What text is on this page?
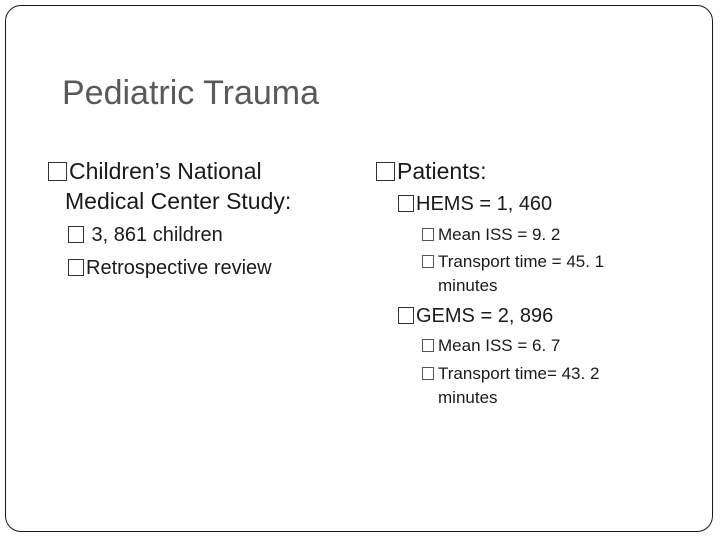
Pediatric Trauma
Children’s National
Medical Center Study:
3, 861 children
Retrospective review
Patients:
HEMS = 1, 460
Mean ISS = 9. 2
Transport time = 45. 1
minutes
GEMS = 2, 896
Mean ISS = 6. 7
Transport time= 43. 2
minutes
